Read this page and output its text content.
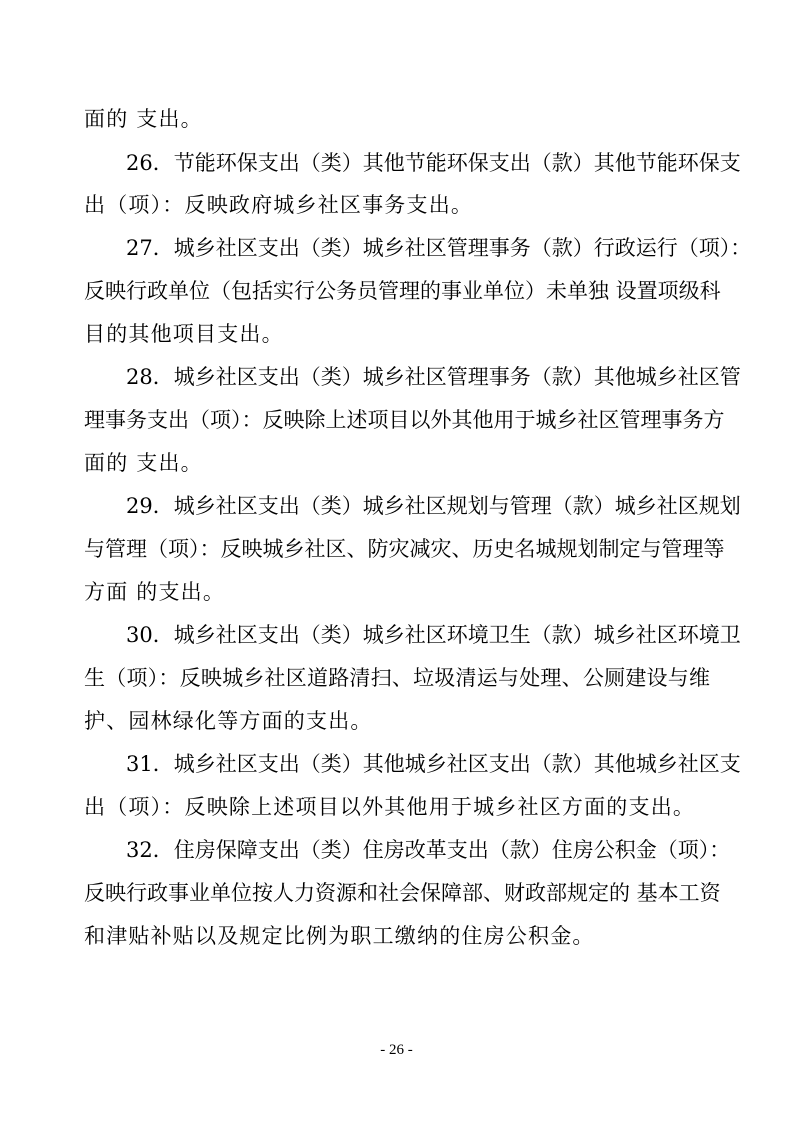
面的 支出。
26．节能环保支出（类）其他节能环保支出（款）其他节能环保支
出（项）：反映政府城乡社区事务支出。
27．城乡社区支出（类）城乡社区管理事务（款）行政运行（项）：
反映行政单位（包括实行公务员管理的事业单位）未单独 设置项级科
目的其他项目支出。
28．城乡社区支出（类）城乡社区管理事务（款）其他城乡社区管
理事务支出（项）：反映除上述项目以外其他用于城乡社区管理事务方
面的 支出。
29．城乡社区支出（类）城乡社区规划与管理（款）城乡社区规划
与管理（项）：反映城乡社区、防灾减灾、历史名城规划制定与管理等
方面 的支出。
30．城乡社区支出（类）城乡社区环境卫生（款）城乡社区环境卫
生（项）：反映城乡社区道路清扫、垃圾清运与处理、公厕建设与维
护、园林绿化等方面的支出。
31．城乡社区支出（类）其他城乡社区支出（款）其他城乡社区支
出（项）：反映除上述项目以外其他用于城乡社区方面的支出。
32．住房保障支出（类）住房改革支出（款）住房公积金（项）：
反映行政事业单位按人力资源和社会保障部、财政部规定的 基本工资
和津贴补贴以及规定比例为职工缴纳的住房公积金。
- 26 -
